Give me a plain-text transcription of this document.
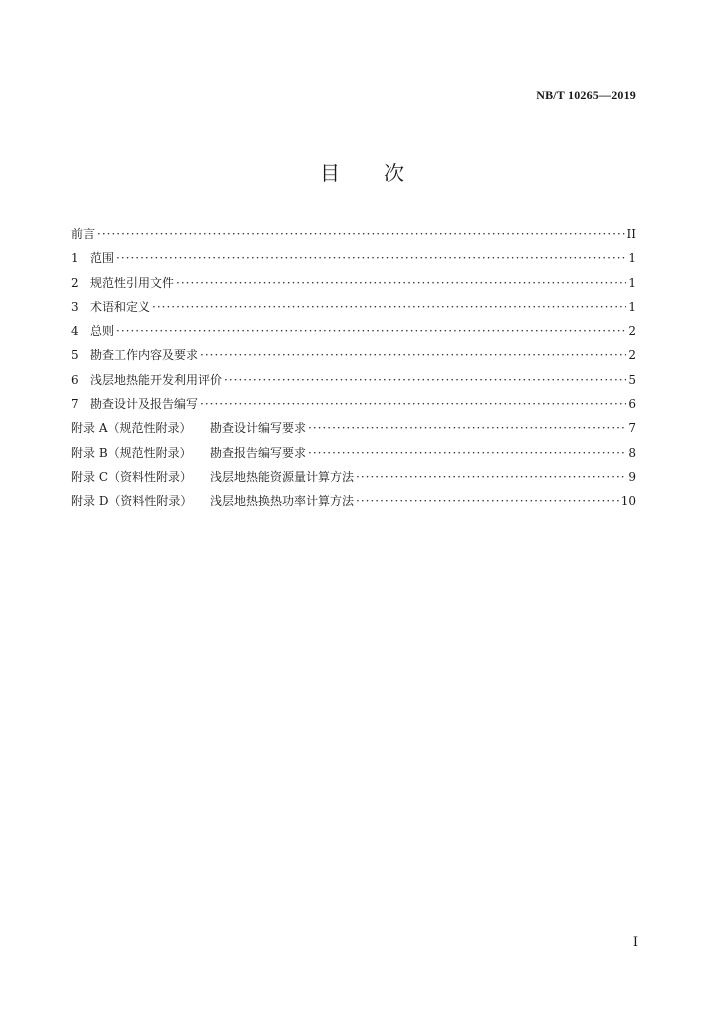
NB/T 10265—2019
目次
前言 ·····	II
1 范围 ·····	1
2 规范性引用文件 ·····	1
3 术语和定义 ·····	1
4 总则 ·····	2
5 勘查工作内容及要求 ·····	2
6 浅层地热能开发利用评价 ·····	5
7 勘查设计及报告编写 ·····	6
附录 A（规范性附录）	勘查设计编写要求 ·····	7
附录 B（规范性附录）	勘查报告编写要求 ·····	8
附录 C（资料性附录）	浅层地热能资源量计算方法 ·····	9
附录 D（资料性附录）	浅层地热换热功率计算方法 ·····	10
I
